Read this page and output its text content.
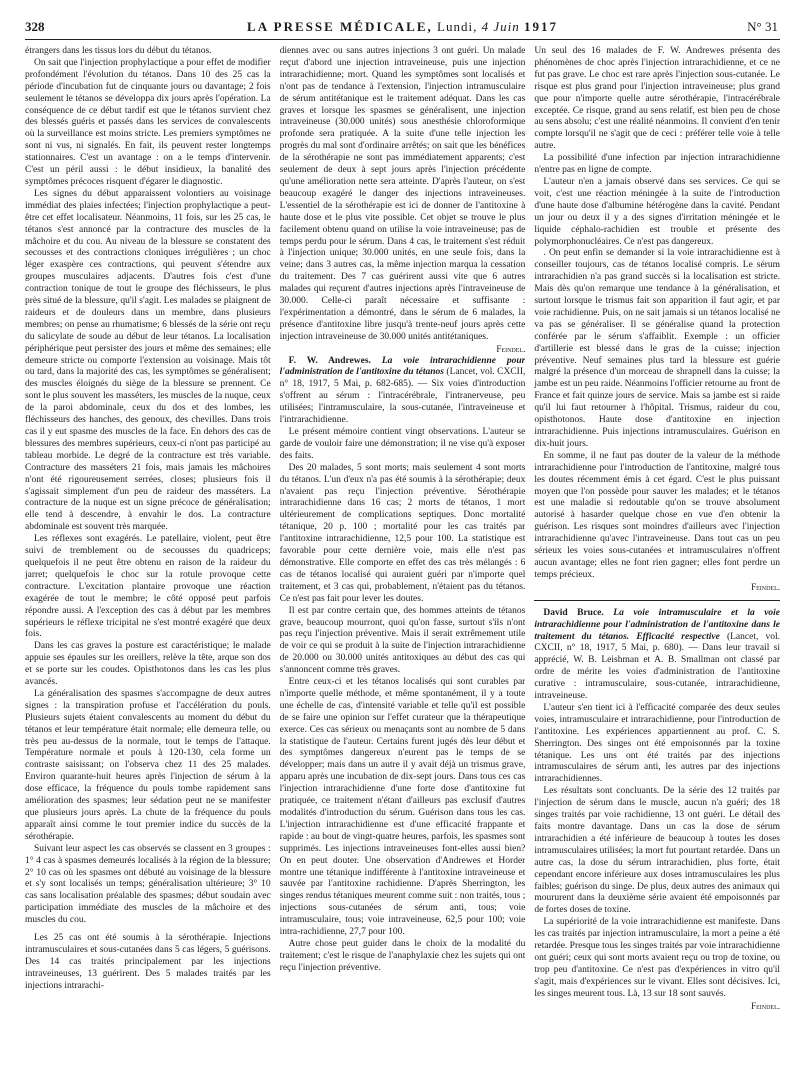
328	LA PRESSE MÉDICALE, Lundi, 4 Juin 1917	N° 31

étrangers dans les tissus lors du début du tétanos.

On sait que l'injection prophylactique a pour effet de modifier profondément l'évolution du tétanos. Dans 10 des 25 cas la période d'incubation fut de cinquante jours ou davantage; 2 fois seulement le tétanos se développa dix jours après l'opération. La conséquence de ce début tardif est que le tétanos survient chez des blessés guéris et passés dans les services de convalescents où la surveillance est moins stricte. Les premiers symptômes ne sont ni vus, ni signalés. En fait, ils peuvent rester longtemps stationnaires. C'est un avantage : on a le temps d'intervenir. C'est un péril aussi : le début insidieux, la banalité des symptômes précoces risquent d'égarer le diagnostic.

Les signes du début apparaissent volontiers au voisinage immédiat des plaies infectées; l'injection prophylactique a peut-être cet effet localisateur. Néanmoins, 11 fois, sur les 25 cas, le tétanos s'est annoncé par la contracture des muscles de la mâchoire et du cou. Au niveau de la blessure se constatent des secousses et des contractions cloniques irrégulières ; un choc léger exaspère ces contractions, qui peuvent s'étendre aux groupes musculaires adjacents. D'autres fois c'est d'une contraction tonique de tout le groupe des fléchisseurs, le plus près situé de la blessure, qu'il s'agit. Les malades se plaignent de raideurs et de douleurs dans un membre, dans plusieurs membres; on pense au rhumatisme; 6 blessés de la série ont reçu du salicylate de soude au début de leur tétanos. La localisation périphérique peut persister des jours et même des semaines; elle demeure stricte ou comporte l'extension au voisinage. Mais tôt ou tard, dans la majorité des cas, les symptômes se généralisent; des muscles éloignés du siège de la blessure se prennent. Ce sont le plus souvent les masséters, les muscles de la nuque, ceux de la paroi abdominale, ceux du dos et des lombes, les fléchisseurs des hanches, des genoux, des chevilles. Dans trois cas il y eut spasme des muscles de la face. En dehors des cas de blessures des membres supérieurs, ceux-ci n'ont pas participé au tableau morbide. Le degré de la contracture est très variable. Contracture des masséters 21 fois, mais jamais les mâchoires n'ont été rigoureusement serrées, closes; plusieurs fois il s'agissait simplement d'un peu de raideur des masséters. La contracture de la nuque est un signe précoce de généralisation; elle tend à descendre, à envahir le dos. La contracture abdominale est souvent très marquée.

Les réflexes sont exagérés. Le patellaire, violent, peut être suivi de tremblement ou de secousses du quadriceps; quelquefois il ne peut être obtenu en raison de la raideur du jarret; quelquefois le choc sur la rotule provoque cette contracture. L'excitation plantaire provoque une réaction exagérée de tout le membre; le côté opposé peut parfois répondre aussi. A l'exception des cas à début par les membres supérieurs le réflexe tricipital ne s'est montré exagéré que deux fois.

Dans les cas graves la posture est caractéristique; le malade appuie ses épaules sur les oreillers, relève la tête, arque son dos et se porte sur les coudes. Opisthotonos dans les cas les plus avancés.

La généralisation des spasmes s'accompagne de deux autres signes : la transpiration profuse et l'accélération du pouls. Plusieurs sujets étaient convalescents au moment du début du tétanos et leur température était normale; elle demeura telle, ou très peu au-dessus de la normale, tout le temps de l'attaque. Température normale et pouls à 120-130, cela forme un contraste saisissant; on l'observa chez 11 des 25 malades. Environ quarante-huit heures après l'injection de sérum à la dose efficace, la fréquence du pouls tombe rapidement sans amélioration des spasmes; leur sédation peut ne se manifester que plusieurs jours après. La chute de la fréquence du pouls apparaît ainsi comme le tout premier indice du succès de la sérothérapie.

Suivant leur aspect les cas observés se classent en 3 groupes : 1° 4 cas à spasmes demeurés localisés à la région de la blessure; 2° 10 cas où les spasmes ont débuté au voisinage de la blessure et s'y sont localisés un temps; généralisation ultérieure; 3° 10 cas sans localisation préalable des spasmes; début soudain avec participation immédiate des muscles de la mâchoire et des muscles du cou.

Les 25 cas ont été soumis à la sérothérapie. Injections intramusculaires et sous-cutanées dans 5 cas légers, 5 guérisons. Des 14 cas traités principalement par les injections intraveineuses, 13 guérirent. Des 5 malades traités par les injections intrarachi-

diennes avec ou sans autres injections 3 ont guéri. Un malade reçut d'abord une injection intraveineuse, puis une injection intrarachidienne; mort. Quand les symptômes sont localisés et n'ont pas de tendance à l'extension, l'injection intramusculaire de sérum antitétanique est le traitement adéquat. Dans les cas graves et lorsque les spasmes se généralisent, une injection intraveineuse (30.000 unités) sous anesthésie chloroformique profonde sera pratiquée. A la suite d'une telle injection les progrès du mal sont d'ordinaire arrêtés; on sait que les bénéfices de la sérothérapie ne sont pas immédiatement apparents; c'est seulement de deux à sept jours après l'injection précédente qu'une amélioration nette sera atteinte. D'après l'auteur, on s'est beaucoup exagéré le danger des injections intraveineuses. L'essentiel de la sérothérapie est ici de donner de l'antitoxine à haute dose et le plus vite possible. Cet objet se trouve le plus facilement obtenu quand on utilise la voie intraveineuse; pas de temps perdu pour le sérum. Dans 4 cas, le traitement s'est réduit à l'injection unique; 30.000 unités, en une seule fois, dans la veine; dans 3 autres cas, la même injection marqua la cessation du traitement. Des 7 cas guérirent aussi vite que 6 autres malades qui reçurent d'autres injections après l'intraveineuse de 30.000. Celle-ci paraît nécessaire et suffisante : l'expérimentation a démontré, dans le sérum de 6 malades, la présence d'antitoxine libre jusqu'à trente-neuf jours après cette injection intraveineuse de 30.000 unités antitétaniques.

Feindel.

F. W. Andrewes. La voie intrarachidienne pour l'administration de l'antitoxine du tétanos (Lancet, vol. CXCII, n° 18, 1917, 5 Mai, p. 682-685). — Six voies d'introduction s'offrent au sérum : l'intracérébrale, l'intranerveuse, peu utilisées; l'intramusculaire, la sous-cutanée, l'intraveineuse et l'intrarachidienne.

Le présent mémoire contient vingt observations. L'auteur se garde de vouloir faire une démonstration; il ne vise qu'à exposer des faits.

Des 20 malades, 5 sont morts; mais seulement 4 sont morts du tétanos. L'un d'eux n'a pas été soumis à la sérothérapie; deux n'avaient pas reçu l'injection préventive. Sérothérapie intrarachidienne dans 16 cas; 2 morts de tétanos, 1 mort ultérieurement de complications septiques. Donc mortalité tétanique, 20 p. 100 ; mortalité pour les cas traités par l'antitoxine intrarachidienne, 12,5 pour 100. La statistique est favorable pour cette dernière voie, mais elle n'est pas démonstrative. Elle comporte en effet des cas très mélangés : 6 cas de tétanos localisé qui auraient guéri par n'importe quel traitement, et 3 cas qui, probablement, n'étaient pas du tétanos. Ce n'est pas fait pour lever les doutes.

Il est par contre certain que, des hommes atteints de tétanos grave, beaucoup mourront, quoi qu'on fasse, surtout s'ils n'ont pas reçu l'injection préventive. Mais il serait extrêmement utile de voir ce qui se produit à la suite de l'injection intrarachidienne de 20.000 ou 30.000 unités antitoxiques au début des cas qui s'annoncent comme très graves.

Entre ceux-ci et les tétanos localisés qui sont curables par n'importe quelle méthode, et même spontanément, il y a toute une échelle de cas, d'intensité variable et telle qu'il est possible de se faire une opinion sur l'effet curateur que la thérapeutique exerce. Ces cas sérieux ou menaçants sont au nombre de 5 dans la statistique de l'auteur. Certains furent jugés dès leur début et des symptômes dangereux n'eurent pas le temps de se développer; mais dans un autre il y avait déjà un trismus grave, apparu après une incubation de dix-sept jours. Dans tous ces cas l'injection intrarachidienne d'une forte dose d'antitoxine fut pratiquée, ce traitement n'étant d'ailleurs pas exclusif d'autres modalités d'introduction du sérum. Guérison dans tous les cas. L'injection intrarachidienne est d'une efficacité frappante et rapide : au bout de vingt-quatre heures, parfois, les spasmes sont supprimés. Les injections intraveineuses font-elles aussi bien? On en peut douter. Une observation d'Andrewes et Horder montre une tétanique indifférente à l'antitoxine intraveineuse et sauvée par l'antitoxine rachidienne. D'après Sherrington, les singes rendus tétaniques meurent comme suit : non traités, tous ; injections sous-cutanées de sérum anti, tous; voie intramusculaire, tous; voie intraveineuse, 62,5 pour 100; voie intra-rachidienne, 27,7 pour 100.

Autre chose peut guider dans le choix de la modalité du traitement; c'est le risque de l'anaphylaxie chez les sujets qui ont reçu l'injection préventive.

Un seul des 16 malades de F. W. Andrewes présenta des phénomènes de choc après l'injection intrarachidienne, et ce ne fut pas grave. Le choc est rare après l'injection sous-cutanée. Le risque est plus grand pour l'injection intraveineuse; plus grand que pour n'importe quelle autre sérothérapie, l'intracérébrale exceptée. Ce risque, grand au sens relatif, est bien peu de chose au sens absolu; c'est une réalité néanmoins. Il convient d'en tenir compte lorsqu'il ne s'agit que de ceci : préférer telle voie à telle autre.

La possibilité d'une infection par injection intrarachidienne n'entre pas en ligne de compte.

L'auteur n'en a jamais observé dans ses services. Ce qui se voit, c'est une réaction méningée à la suite de l'introduction d'une haute dose d'albumine hétérogène dans la cavité. Pendant un jour ou deux il y a des signes d'irritation méningée et le liquide céphalo-rachidien est trouble et présente des polymorphonucléaires. Ce n'est pas dangereux.

. On peut enfin se demander si la voie intrarachidienne est à conseiller toujours, cas de tétanos localisé compris. Le sérum intrarachidien n'a pas grand succès si la localisation est stricte. Mais dès qu'on remarque une tendance à la généralisation, et surtout lorsque le trismus fait son apparition il faut agir, et par voie rachidienne. Puis, on ne sait jamais si un tétanos localisé ne va pas se généraliser. Il se généralise quand la protection conférée par le sérum s'affaiblit. Exemple : un officier d'artillerie est blessé dans le gras de la cuisse; injection préventive. Neuf semaines plus tard la blessure est guérie malgré la présence d'un morceau de shrapnell dans la cuisse; la jambe est un peu raide. Néanmoins l'officier retourne au front de France et fait quinze jours de service. Mais sa jambe est si raide qu'il lui faut retourner à l'hôpital. Trismus, raideur du cou, opisthotonos. Haute dose d'antitoxine en injection intrarachidienne. Puis injections intramusculaires. Guérison en dix-huit jours.

En somme, il ne faut pas douter de la valeur de la méthode intrarachidienne pour l'introduction de l'antitoxine, malgré tous les doutes récemment émis à cet égard. C'est le plus puissant moyen que l'on possède pour sauver les malades; et le tétanos est une maladie si redoutable qu'on se trouve absolument autorisé à hasarder quelque chose en vue d'en obtenir la guérison. Les risques sont moindres d'ailleurs avec l'injection intrarachidienne qu'avec l'intraveineuse. Dans tout cas un peu sérieux les voies sous-cutanées et intramusculaires n'offrent aucun avantage; elles ne font rien gagner; elles font perdre un temps précieux.

Feindel.

David Bruce. La voie intramusculaire et la voie intrarachidienne pour l'administration de l'antitoxine dans le traitement du tétanos. Efficacité respective (Lancet, vol. CXCII, n° 18, 1917, 5 Mai, p. 680). — Dans leur travail si apprécié, W. B. Leishman et A. B. Smallman ont classé par ordre de mérite les voies d'administration de l'antitoxine curative : intramusculaire, sous-cutanée, intrarachidienne, intraveineuse.

L'auteur s'en tient ici à l'efficacité comparée des deux seules voies, intramusculaire et intrarachidienne, pour l'introduction de l'antitoxine. Les expériences appartiennent au prof. C. S. Sherrington. Des singes ont été empoisonnés par la toxine tétanique. Les uns ont été traités par des injections intramusculaires de sérum anti, les autres par des injections intrarachidiennes.

Les résultats sont concluants. De la série des 12 traités par l'injection de sérum dans le muscle, aucun n'a guéri; des 18 singes traités par voie rachidienne, 13 ont guéri. Le détail des faits montre davantage. Dans un cas la dose de sérum intrarachidien a été inférieure de beaucoup à toutes les doses intramusculaires utilisées; la mort fut pourtant retardée. Dans un autre cas, la dose du sérum intrarachidien, plus forte, était cependant encore inférieure aux doses intramusculaires les plus faibles; guérison du singe. De plus, deux autres des animaux qui moururent dans la deuxième série avaient été empoisonnés par de fortes doses de toxine.

La supériorité de la voie intrarachidienne est manifeste. Dans les cas traités par injection intramusculaire, la mort a peine a été retardée. Presque tous les singes traités par voie intrarachidienne ont guéri; ceux qui sont morts avaient reçu ou trop de toxine, ou trop peu d'antitoxine. Ce n'est pas d'expériences in vitro qu'il s'agit, mais d'expériences sur le vivant. Elles sont décisives. Ici, les singes meurent tous. Là, 13 sur 18 sont sauvés.

Feindel.
